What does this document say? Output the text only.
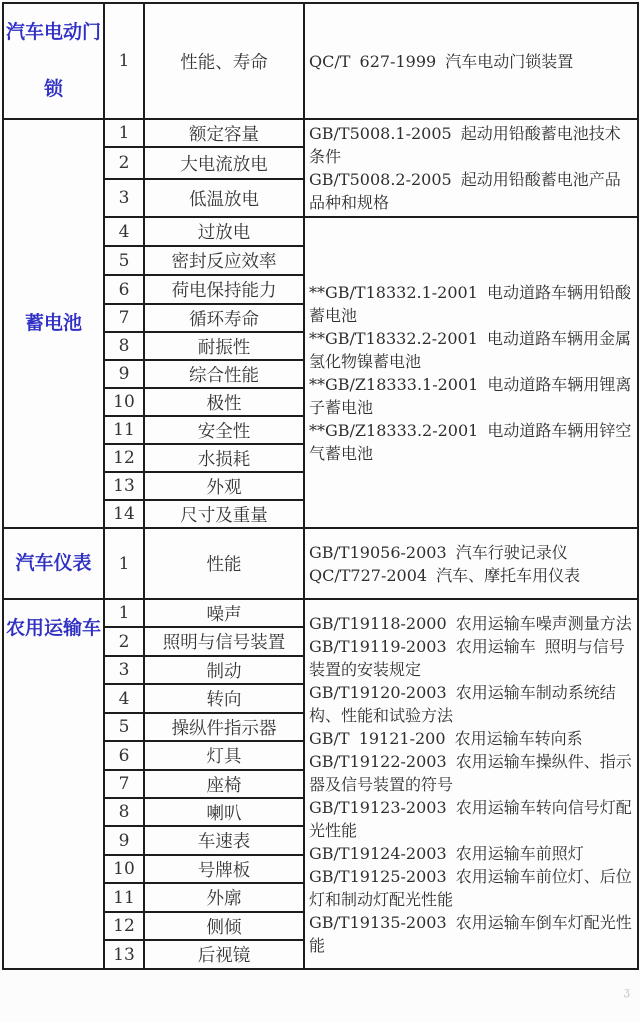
汽车电动门锁	1	性能、寿命	QC/T 627-1999 汽车电动门锁装置

蓄电池	1	额定容量	GB/T5008.1-2005 起动用铅酸蓄电池技术条件
GB/T5008.2-2005 起动用铅酸蓄电池产品品种和规格

	2	大电流放电	
	3	低温放电	
	4	过放电	**GB/T18332.1-2001 电动道路车辆用铅酸蓄电池
**GB/T18332.2-2001 电动道路车辆用金属氢化物镍蓄电池
**GB/Z18333.1-2001 电动道路车辆用锂离子蓄电池
**GB/Z18333.2-2001 电动道路车辆用锌空气蓄电池

	5	密封反应效率	
	6	荷电保持能力	
	7	循环寿命	
	8	耐振性	
	9	综合性能	
	10	极性	
	11	安全性	
	12	水损耗	
	13	外观	
	14	尺寸及重量	
汽车仪表	1	性能	GB/T19056-2003 汽车行驶记录仪
QC/T727-2004 汽车、摩托车用仪表

农用运输车	1	噪声	GB/T19118-2000 农用运输车噪声测量方法
GB/T19119-2003 农用运输车 照明与信号装置的安装规定
GB/T19120-2003 农用运输车制动系统结构、性能和试验方法
GB/T 19121-200 农用运输车转向系
GB/T19122-2003 农用运输车操纵件、指示器及信号装置的符号
GB/T19123-2003 农用运输车转向信号灯配光性能
GB/T19124-2003 农用运输车前照灯
GB/T19125-2003 农用运输车前位灯、后位灯和制动灯配光性能
GB/T19135-2003 农用运输车倒车灯配光性能

	2	照明与信号装置	
	3	制动	
	4	转向	
	5	操纵件指示器	
	6	灯具	
	7	座椅	
	8	喇叭	
	9	车速表	
	10	号牌板	
	11	外廓	
	12	侧倾	
	13	后视镜	
ʒ
